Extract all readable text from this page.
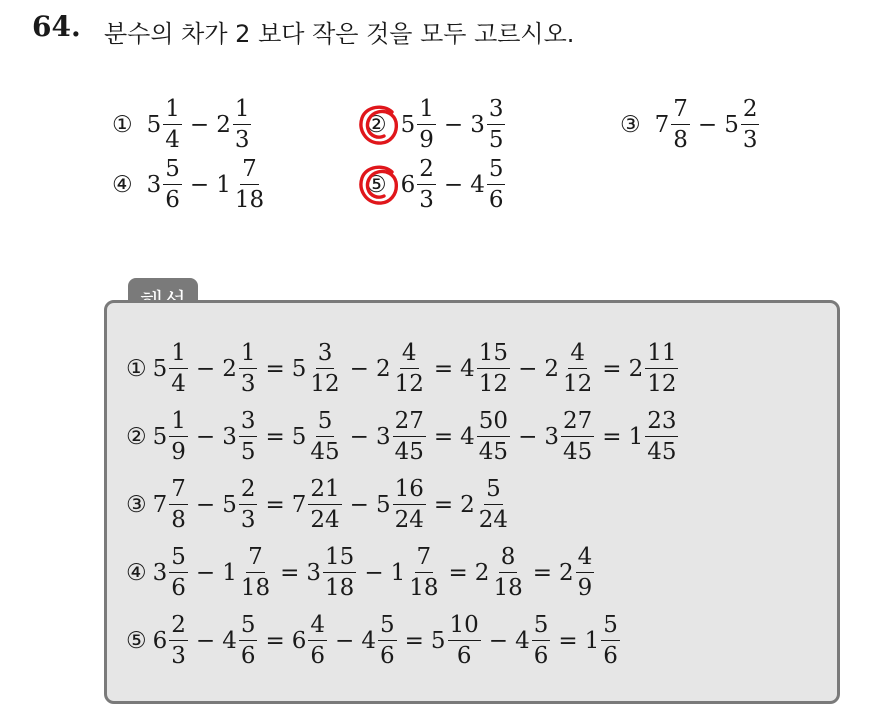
64. 분수의 차가 2 보다 작은 것을 모두 고르시오.
① $5 \frac{1}{4} - 2 \frac{1}{3}$	② $5 \frac{1}{9} - 3 \frac{3}{5}$	③ $7 \frac{7}{8} - 5 \frac{2}{3}$
④ $3 \frac{5}{6} - 1 \frac{7}{18}$	⑤ $6 \frac{2}{3} - 4 \frac{5}{6}$
① $5 \frac{1}{4} - 2 \frac{1}{3} = 5 \frac{3}{12} - 2 \frac{4}{12} = 4 \frac{15}{12} - 2 \frac{4}{12} = 2 \frac{11}{12}$
② $5 \frac{1}{9} - 3 \frac{3}{5} = 5 \frac{5}{45} - 3 \frac{27}{45} = 4 \frac{50}{45} - 3 \frac{27}{45} = 1 \frac{23}{45}$
③ $7 \frac{7}{8} - 5 \frac{2}{3} = 7 \frac{21}{24} - 5 \frac{16}{24} = 2 \frac{5}{24}$
④ $3 \frac{5}{6} - 1 \frac{7}{18} = 3 \frac{15}{18} - 1 \frac{7}{18} = 2 \frac{8}{18} = 2 \frac{4}{9}$
⑤ $6 \frac{2}{3} - 4 \frac{5}{6} = 6 \frac{4}{6} - 4 \frac{5}{6} = 5 \frac{10}{6} - 4 \frac{5}{6} = 1 \frac{5}{6}$
